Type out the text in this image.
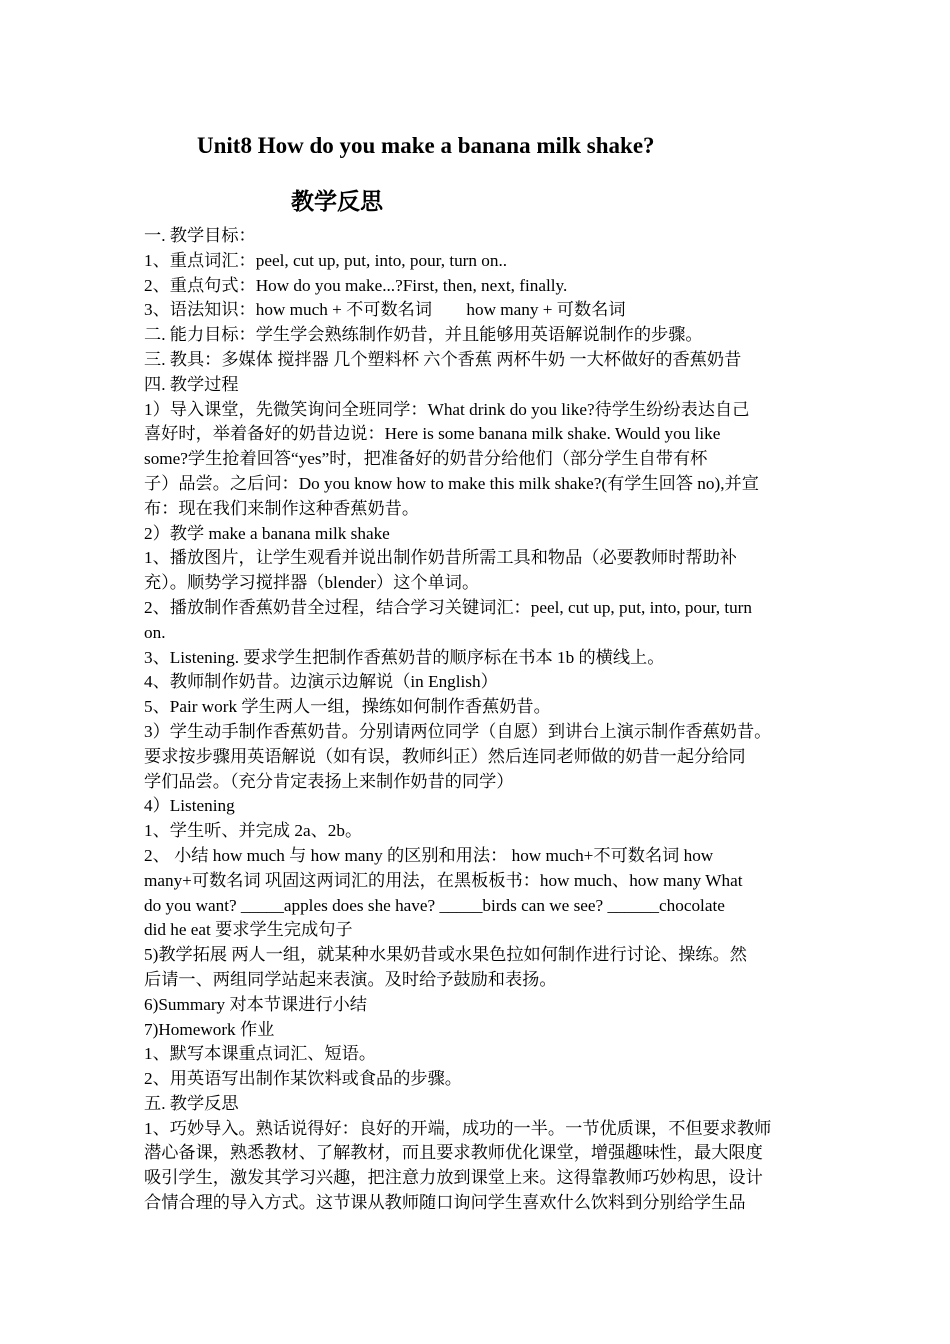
Unit8 How do you make a banana milk shake?
教学反思
一. 教学目标：
1、重点词汇：peel, cut up, put, into, pour, turn on..
2、重点句式：How do you make...?First, then, next, finally.
3、语法知识：how much + 不可数名词　　how many + 可数名词
二. 能力目标：学生学会熟练制作奶昔，并且能够用英语解说制作的步骤。
三. 教具：多媒体 搅拌器 几个塑料杯 六个香蕉 两杯牛奶 一大杯做好的香蕉奶昔
四. 教学过程
1）导入课堂，先微笑询问全班同学：What drink do you like?待学生纷纷表达自己
喜好时，举着备好的奶昔边说：Here is some banana milk shake. Would you like
some?学生抢着回答“yes”时，把准备好的奶昔分给他们（部分学生自带有杯
子）品尝。之后问：Do you know how to make this milk shake?(有学生回答 no),并宣
布：现在我们来制作这种香蕉奶昔。
2）教学 make a banana milk shake
1、播放图片，让学生观看并说出制作奶昔所需工具和物品（必要教师时帮助补
充）。顺势学习搅拌器（blender）这个单词。
2、播放制作香蕉奶昔全过程，结合学习关键词汇：peel, cut up, put, into, pour, turn
on.
3、Listening. 要求学生把制作香蕉奶昔的顺序标在书本 1b 的横线上。
4、教师制作奶昔。边演示边解说（in English）
5、Pair work 学生两人一组，操练如何制作香蕉奶昔。
3）学生动手制作香蕉奶昔。分别请两位同学（自愿）到讲台上演示制作香蕉奶昔。
要求按步骤用英语解说（如有误，教师纠正）然后连同老师做的奶昔一起分给同
学们品尝。（充分肯定表扬上来制作奶昔的同学）
4）Listening
1、学生听、并完成 2a、2b。
2、 小结 how much 与 how many 的区别和用法： how much+不可数名词 how
many+可数名词 巩固这两词汇的用法，在黑板板书：how much、how many What
do you want? _____apples does she have? _____birds can we see? ______chocolate
did he eat 要求学生完成句子
5)教学拓展 两人一组，就某种水果奶昔或水果色拉如何制作进行讨论、操练。然
后请一、两组同学站起来表演。及时给予鼓励和表扬。
6)Summary 对本节课进行小结
7)Homework 作业
1、默写本课重点词汇、短语。
2、用英语写出制作某饮料或食品的步骤。
五. 教学反思
1、巧妙导入。熟话说得好：良好的开端，成功的一半。一节优质课，不但要求教师
潜心备课，熟悉教材、了解教材，而且要求教师优化课堂，增强趣味性，最大限度
吸引学生，激发其学习兴趣，把注意力放到课堂上来。这得靠教师巧妙构思，设计
合情合理的导入方式。这节课从教师随口询问学生喜欢什么饮料到分别给学生品
